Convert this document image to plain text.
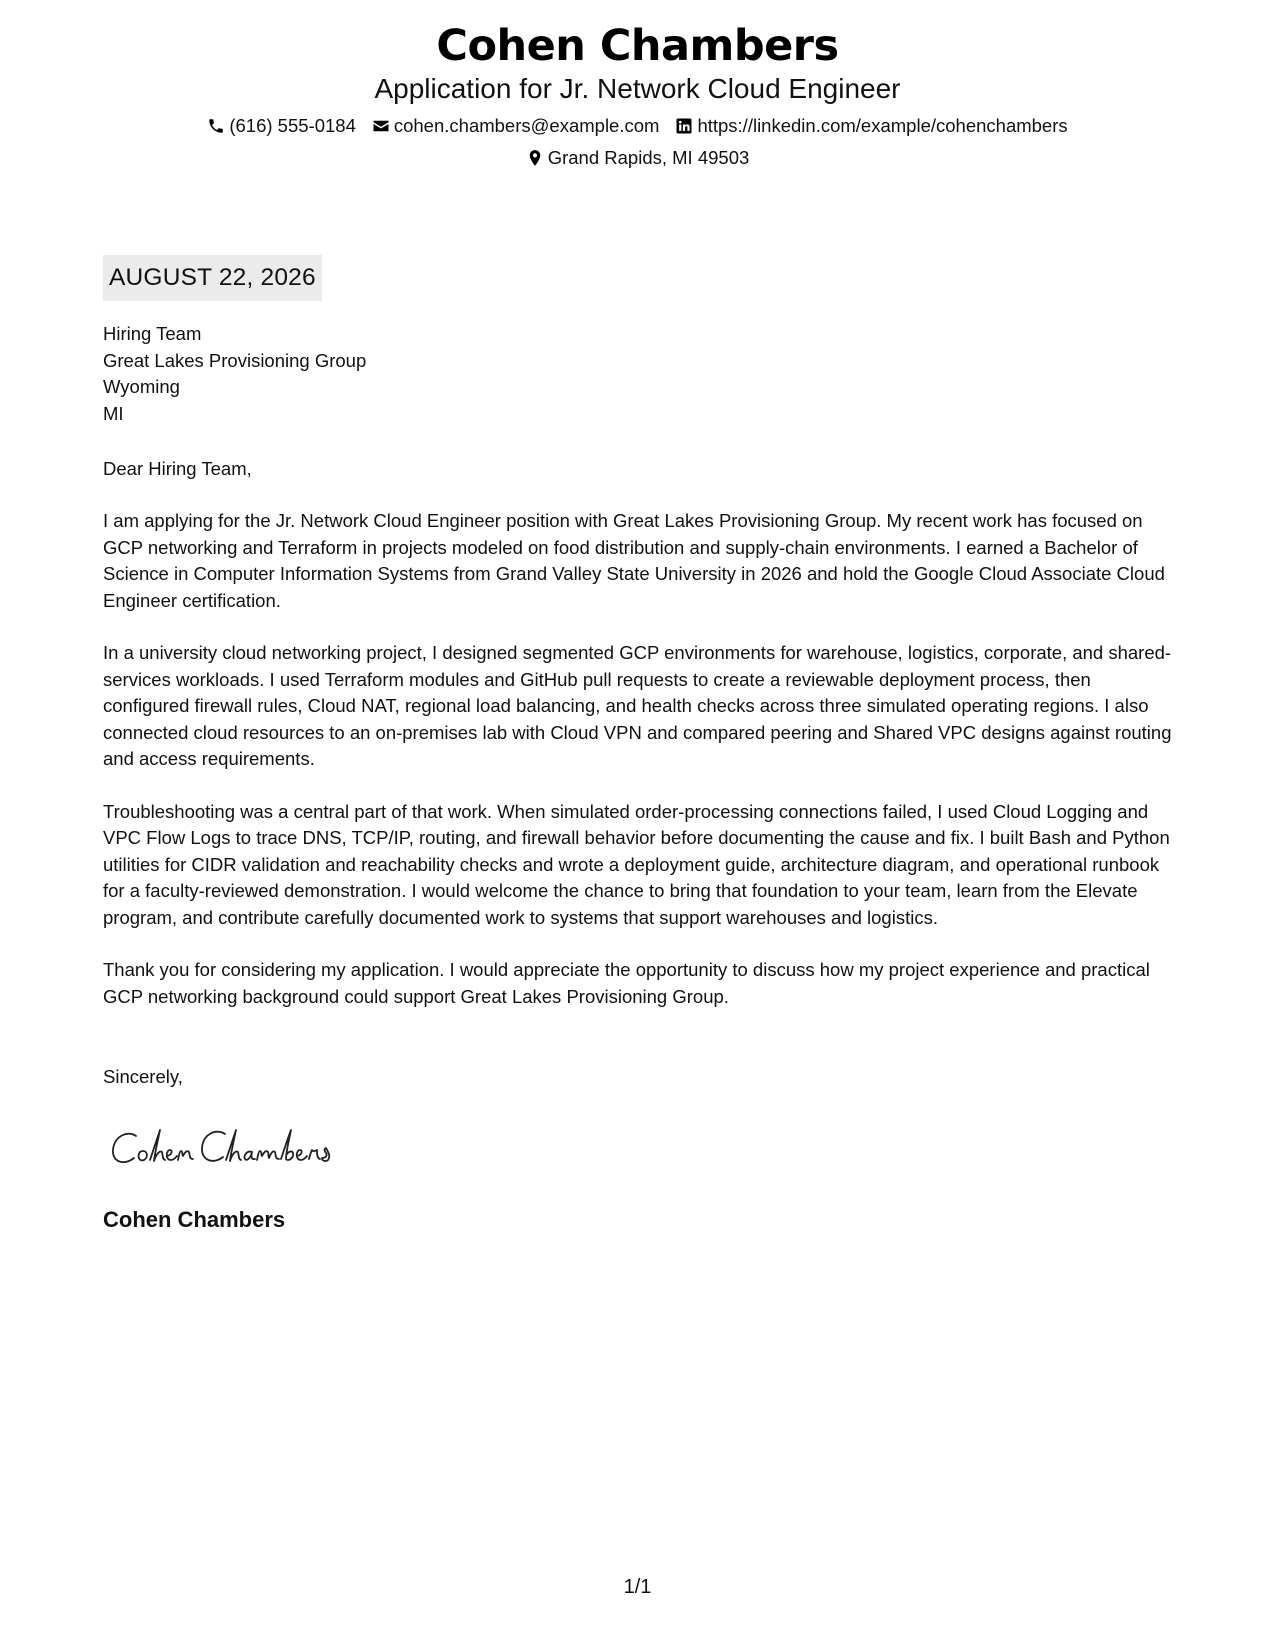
Cohen Chambers
Application for Jr. Network Cloud Engineer
(616) 555-0184 cohen.chambers@example.com https://linkedin.com/example/cohenchambers
Grand Rapids, MI 49503
AUGUST 22, 2026
Hiring Team
Great Lakes Provisioning Group
Wyoming
MI
Dear Hiring Team,

I am applying for the Jr. Network Cloud Engineer position with Great Lakes Provisioning Group. My recent work has focused on GCP networking and Terraform in projects modeled on food distribution and supply-chain environments. I earned a Bachelor of Science in Computer Information Systems from Grand Valley State University in 2026 and hold the Google Cloud Associate Cloud Engineer certification.

In a university cloud networking project, I designed segmented GCP environments for warehouse, logistics, corporate, and shared-services workloads. I used Terraform modules and GitHub pull requests to create a reviewable deployment process, then configured firewall rules, Cloud NAT, regional load balancing, and health checks across three simulated operating regions. I also connected cloud resources to an on-premises lab with Cloud VPN and compared peering and Shared VPC designs against routing and access requirements.

Troubleshooting was a central part of that work. When simulated order-processing connections failed, I used Cloud Logging and VPC Flow Logs to trace DNS, TCP/IP, routing, and firewall behavior before documenting the cause and fix. I built Bash and Python utilities for CIDR validation and reachability checks and wrote a deployment guide, architecture diagram, and operational runbook for a faculty-reviewed demonstration. I would welcome the chance to bring that foundation to your team, learn from the Elevate program, and contribute carefully documented work to systems that support warehouses and logistics.

Thank you for considering my application. I would appreciate the opportunity to discuss how my project experience and practical GCP networking background could support Great Lakes Provisioning Group.

Sincerely,
Cohen Chambers
1/1
